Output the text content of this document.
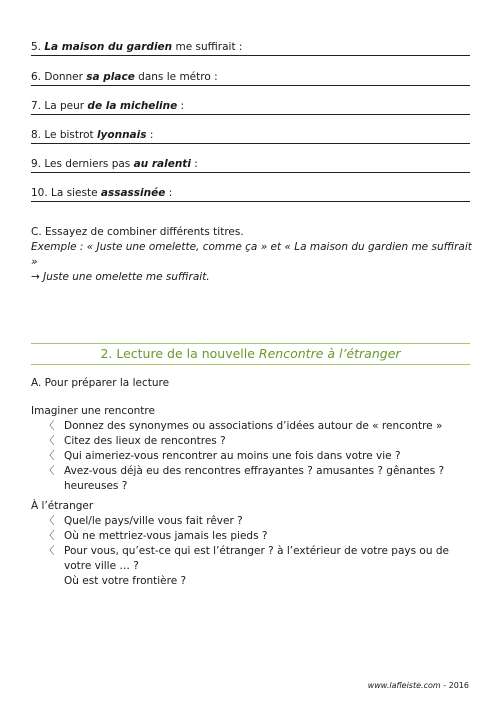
5. La maison du gardien me suffirait :
6. Donner sa place dans le métro :
7. La peur de la micheline :
8. Le bistrot lyonnais :
9. Les derniers pas au ralenti :
10. La sieste assassinée :
C. Essayez de combiner différents titres.
Exemple : « Juste une omelette, comme ça » et « La maison du gardien me suffirait »
→ Juste une omelette me suffirait.
2. Lecture de la nouvelle Rencontre à l’étranger
A. Pour préparer la lecture
Imaginer une rencontre
〈 Donnez des synonymes ou associations d’idées autour de « rencontre »
〈 Citez des lieux de rencontres ?
〈 Qui aimeriez-vous rencontrer au moins une fois dans votre vie ?
〈 Avez-vous déjà eu des rencontres effrayantes ? amusantes ? gênantes ? heureuses ?
À l’étranger
〈 Quel/le pays/ville vous fait rêver ?
〈 Où ne mettriez-vous jamais les pieds ?
〈 Pour vous, qu’est-ce qui est l’étranger ? à l’extérieur de votre pays ou de votre ville … ?
Où est votre frontière ?
www.lafleiste.com - 2016
